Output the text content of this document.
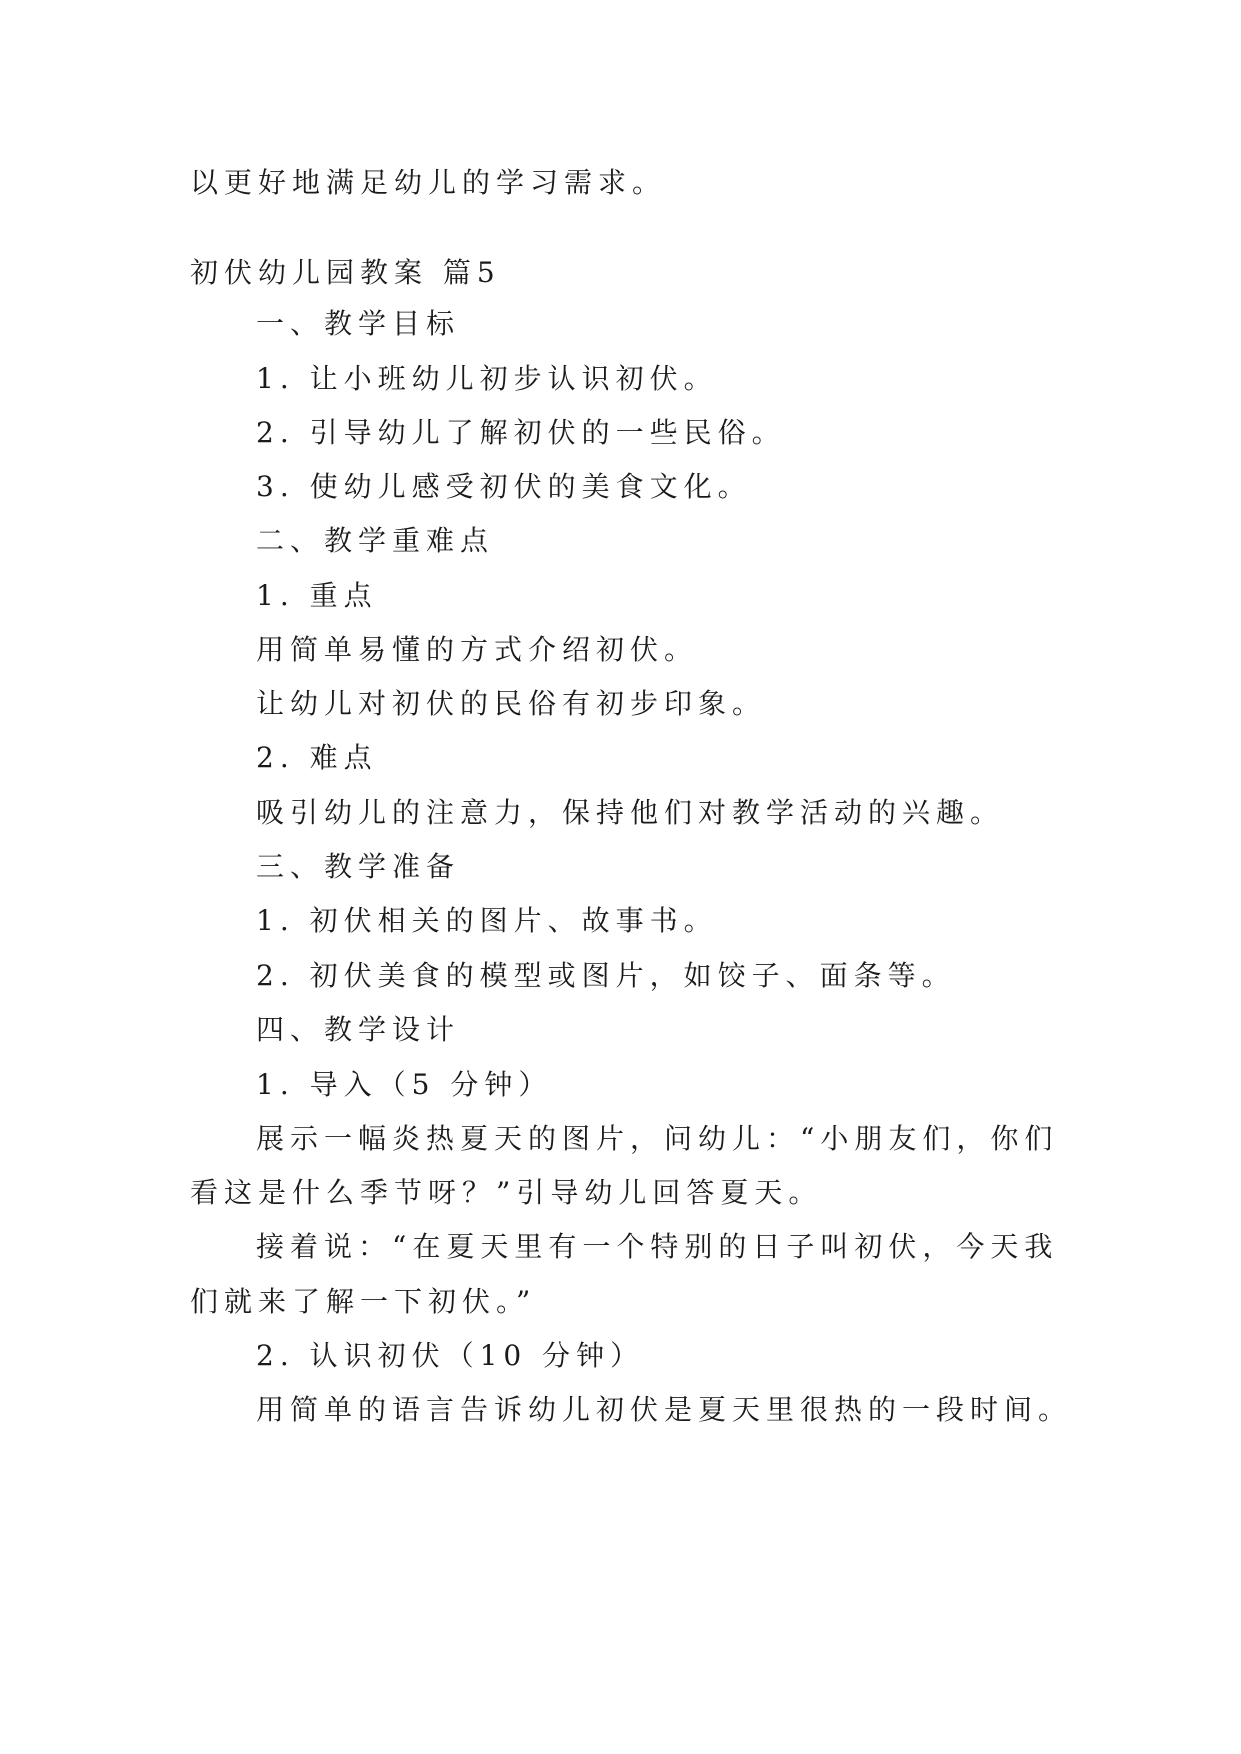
以更好地满足幼儿的学习需求。
初伏幼儿园教案 篇5
一、教学目标
1. 让小班幼儿初步认识初伏。
2. 引导幼儿了解初伏的一些民俗。
3. 使幼儿感受初伏的美食文化。
二、教学重难点
1. 重点
用简单易懂的方式介绍初伏。
让幼儿对初伏的民俗有初步印象。
2. 难点
吸引幼儿的注意力，保持他们对教学活动的兴趣。
三、教学准备
1. 初伏相关的图片、故事书。
2. 初伏美食的模型或图片，如饺子、面条等。
四、教学设计
1. 导入（5 分钟）
展示一幅炎热夏天的图片，问幼儿：“小朋友们，你们
看这是什么季节呀？”引导幼儿回答夏天。
接着说：“在夏天里有一个特别的日子叫初伏，今天我
们就来了解一下初伏。”
2. 认识初伏（10 分钟）
用简单的语言告诉幼儿初伏是夏天里很热的一段时间。
